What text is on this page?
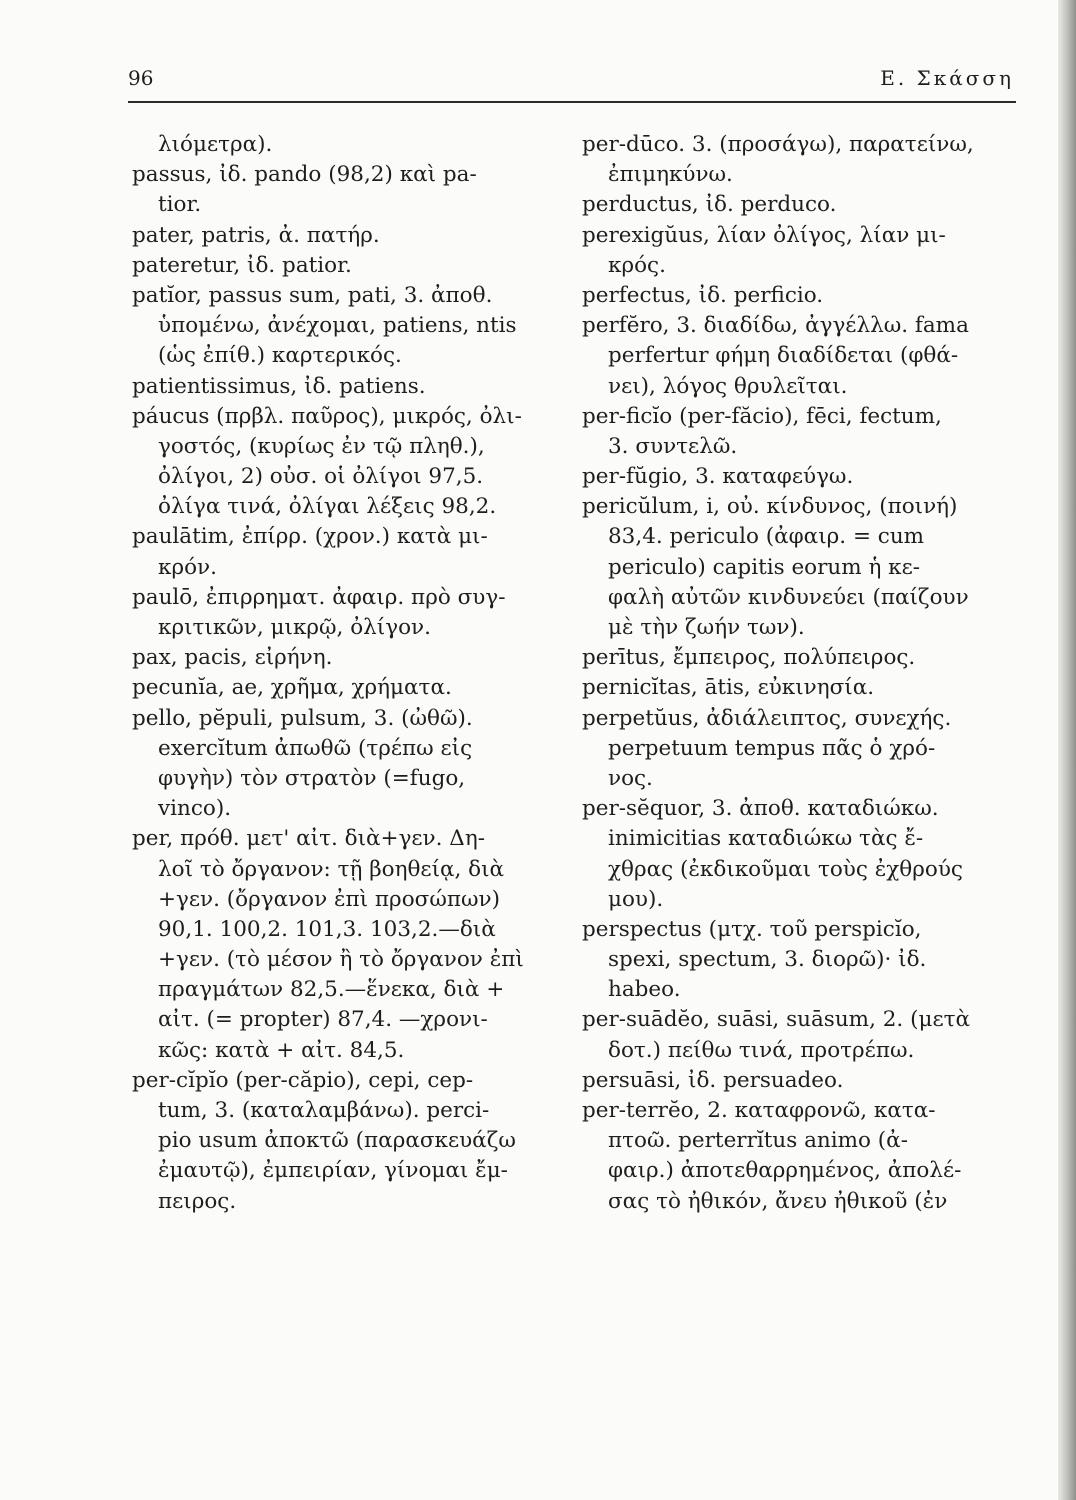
96	Ε. Σκάσση
λιόμετρα).
passus, ἰδ. pando (98,2) καὶ pa-
tior.
pater, patris, ἀ. πατήρ.
pateretur, ἰδ. patior.
patĭor, passus sum, pati, 3. ἀποθ.
ὑπομένω, ἀνέχομαι, patiens, ntis
(ὡς ἐπίθ.) καρτερικός.
patientissimus, ἰδ. patiens.
páucus (πρβλ. παῦρος), μικρός, ὀλι-
γοστός, (κυρίως ἐν τῷ πληθ.),
ὀλίγοι, 2) οὐσ. οἱ ὀλίγοι 97,5.
ὀλίγα τινά, ὀλίγαι λέξεις 98,2.
paulātim, ἐπίρρ. (χρον.) κατὰ μι-
κρόν.
paulō, ἐπιρρηματ. ἀφαιρ. πρὸ συγ-
κριτικῶν, μικρῷ, ὀλίγον.
pax, pacis, εἰρήνη.
pecunĭa, ae, χρῆμα, χρήματα.
pello, pĕpuli, pulsum, 3. (ὠθῶ).
exercĭtum ἀπωθῶ (τρέπω εἰς
φυγὴν) τὸν στρατὸν (=fugo,
vinco).
per, πρόθ. μετ' αἰτ. διὰ+γεν. Δη-
λοῖ τὸ ὄργανον: τῇ βοηθείᾳ, διὰ
+γεν. (ὄργανον ἐπὶ προσώπων)
90,1. 100,2. 101,3. 103,2.—διὰ
+γεν. (τὸ μέσον ἢ τὸ ὄργανον ἐπὶ
πραγμάτων 82,5.—ἕνεκα, διὰ +
αἰτ. (= propter) 87,4. —χρονι-
κῶς: κατὰ + αἰτ. 84,5.
per-cĭpĭo (per-căpio), cepi, cep-
tum, 3. (καταλαμβάνω). perci-
pio usum ἀποκτῶ (παρασκευάζω
ἐμαυτῷ), ἐμπειρίαν, γίνομαι ἔμ-
πειρος.
per-dūco. 3. (προσάγω), παρατείνω,
ἐπιμηκύνω.
perductus, ἰδ. perduco.
perexigŭus, λίαν ὀλίγος, λίαν μι-
κρός.
perfectus, ἰδ. perficio.
perfĕro, 3. διαδίδω, ἀγγέλλω. fama
perfertur φήμη διαδίδεται (φθά-
νει), λόγος θρυλεῖται.
per-ficĭo (per-făcio), fēci, fectum,
3. συντελῶ.
per-fŭgio, 3. καταφεύγω.
pericŭlum, i, οὐ. κίνδυνος, (ποινή)
83,4. periculo (ἀφαιρ. = cum
periculo) capitis eorum ἡ κε-
φαλὴ αὐτῶν κινδυνεύει (παίζουν
μὲ τὴν ζωήν των).
perītus, ἔμπειρος, πολύπειρος.
pernicĭtas, ātis, εὐκινησία.
perpetŭus, ἀδιάλειπτος, συνεχής.
perpetuum tempus πᾶς ὁ χρό-
νος.
per-sĕquor, 3. ἀποθ. καταδιώκω.
inimicitias καταδιώκω τὰς ἔ-
χθρας (ἐκδικοῦμαι τοὺς ἐχθρούς
μου).
perspectus (μτχ. τοῦ perspicĭo,
spexi, spectum, 3. διορῶ)· ἰδ.
habeo.
per-suādĕo, suāsi, suāsum, 2. (μετὰ
δοτ.) πείθω τινά, προτρέπω.
persuāsi, ἰδ. persuadeo.
per-terrĕo, 2. καταφρονῶ, κατα-
πτοῶ. perterrĭtus animo (ἀ-
φαιρ.) ἀποτεθαρρημένος, ἀπολέ-
σας τὸ ἠθικόν, ἄνευ ἠθικοῦ (ἐν
